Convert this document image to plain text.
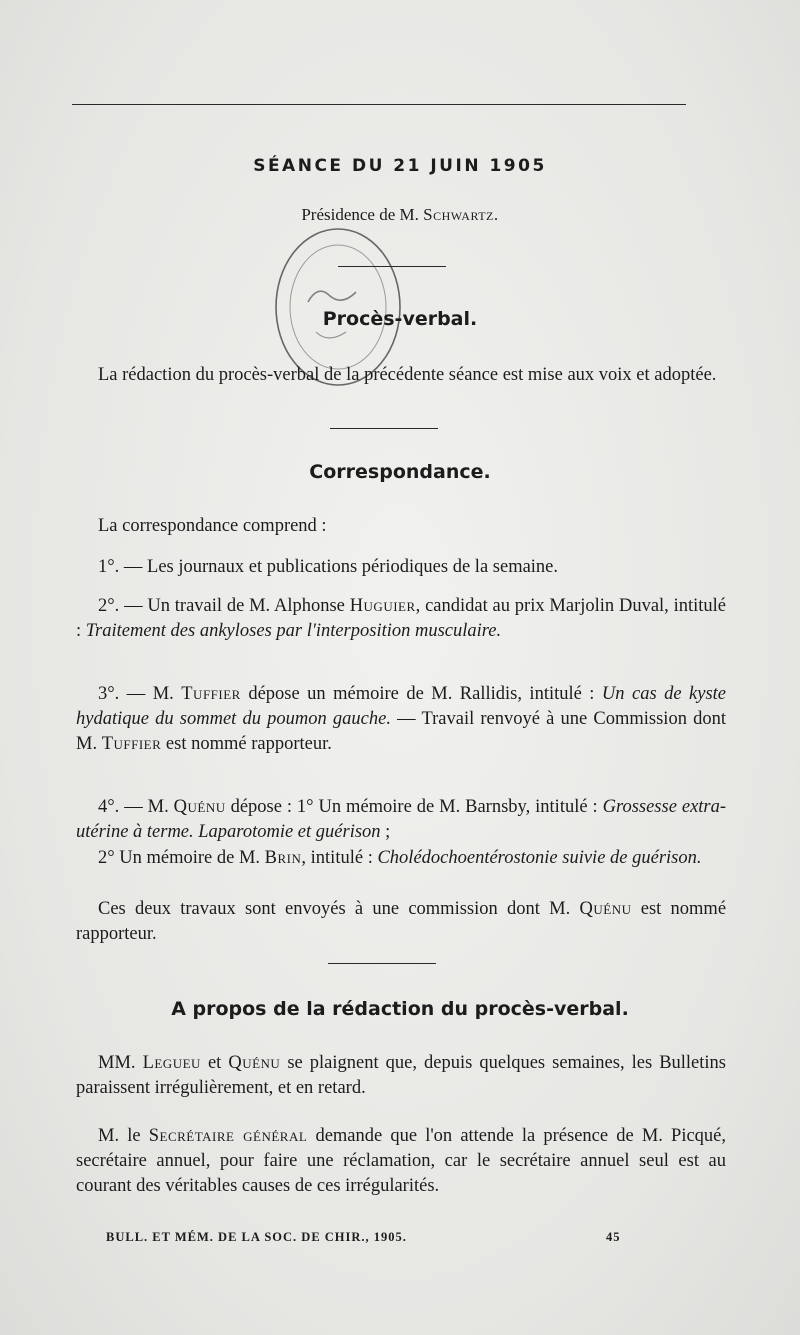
SÉANCE DU 21 JUIN 1905
Présidence de M. Schwartz.
Procès-verbal.
La rédaction du procès-verbal de la précédente séance est mise aux voix et adoptée.
Correspondance.
La correspondance comprend :
1°. — Les journaux et publications périodiques de la semaine.
2°. — Un travail de M. Alphonse Huguier, candidat au prix Marjolin Duval, intitulé : Traitement des ankyloses par l'interposition musculaire.
3°. — M. Tuffier dépose un mémoire de M. Rallidis, intitulé : Un cas de kyste hydatique du sommet du poumon gauche. — Travail renvoyé à une Commission dont M. Tuffier est nommé rapporteur.
4°. — M. Quénu dépose : 1° Un mémoire de M. Barnsby, intitulé : Grossesse extra-utérine à terme. Laparotomie et guérison ;
2° Un mémoire de M. Brin, intitulé : Cholédochoentérostonie suivie de guérison.
Ces deux travaux sont envoyés à une commission dont M. Quénu est nommé rapporteur.
A propos de la rédaction du procès-verbal.
MM. Legueu et Quénu se plaignent que, depuis quelques semaines, les Bulletins paraissent irrégulièrement, et en retard.
M. le Secrétaire général demande que l'on attende la présence de M. Picqué, secrétaire annuel, pour faire une réclamation, car le secrétaire annuel seul est au courant des véritables causes de ces irrégularités.
BULL. ET MÉM. DE LA SOC. DE CHIR., 1905.	45
